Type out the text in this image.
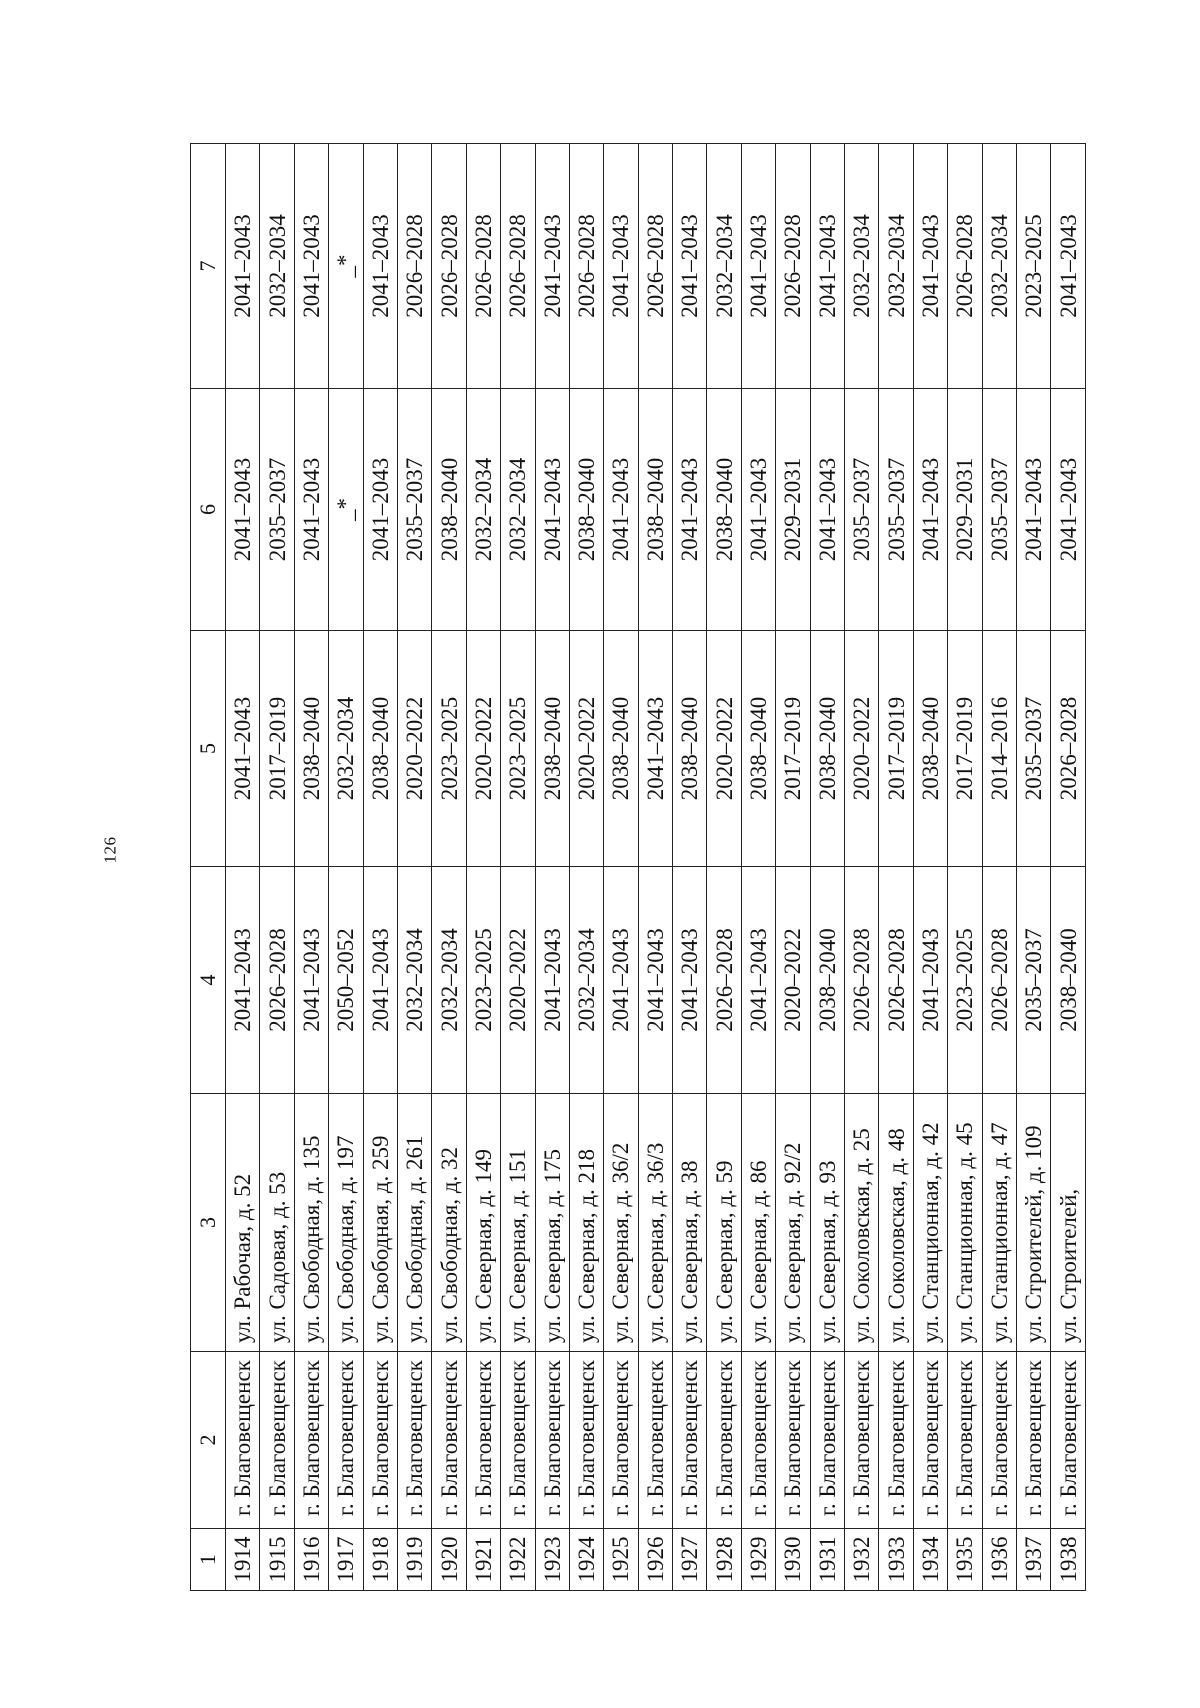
126
1	2	3	4	5	6	7
1914	г. Благовещенск	ул. Рабочая, д. 52	2041–2043	2041–2043	2041–2043	2041–2043
1915	г. Благовещенск	ул. Садовая, д. 53	2026–2028	2017–2019	2035–2037	2032–2034
1916	г. Благовещенск	ул. Свободная, д. 135	2041–2043	2038–2040	2041–2043	2041–2043
1917	г. Благовещенск	ул. Свободная, д. 197	2050–2052	2032–2034	_*	_*
1918	г. Благовещенск	ул. Свободная, д. 259	2041–2043	2038–2040	2041–2043	2041–2043
1919	г. Благовещенск	ул. Свободная, д. 261	2032–2034	2020–2022	2035–2037	2026–2028
1920	г. Благовещенск	ул. Свободная, д. 32	2032–2034	2023–2025	2038–2040	2026–2028
1921	г. Благовещенск	ул. Северная, д. 149	2023–2025	2020–2022	2032–2034	2026–2028
1922	г. Благовещенск	ул. Северная, д. 151	2020–2022	2023–2025	2032–2034	2026–2028
1923	г. Благовещенск	ул. Северная, д. 175	2041–2043	2038–2040	2041–2043	2041–2043
1924	г. Благовещенск	ул. Северная, д. 218	2032–2034	2020–2022	2038–2040	2026–2028
1925	г. Благовещенск	ул. Северная, д. 36/2	2041–2043	2038–2040	2041–2043	2041–2043
1926	г. Благовещенск	ул. Северная, д. 36/3	2041–2043	2041–2043	2038–2040	2026–2028
1927	г. Благовещенск	ул. Северная, д. 38	2041–2043	2038–2040	2041–2043	2041–2043
1928	г. Благовещенск	ул. Северная, д. 59	2026–2028	2020–2022	2038–2040	2032–2034
1929	г. Благовещенск	ул. Северная, д. 86	2041–2043	2038–2040	2041–2043	2041–2043
1930	г. Благовещенск	ул. Северная, д. 92/2	2020–2022	2017–2019	2029–2031	2026–2028
1931	г. Благовещенск	ул. Северная, д. 93	2038–2040	2038–2040	2041–2043	2041–2043
1932	г. Благовещенск	ул. Соколовская, д. 25	2026–2028	2020–2022	2035–2037	2032–2034
1933	г. Благовещенск	ул. Соколовская, д. 48	2026–2028	2017–2019	2035–2037	2032–2034
1934	г. Благовещенск	ул. Станционная, д. 42	2041–2043	2038–2040	2041–2043	2041–2043
1935	г. Благовещенск	ул. Станционная, д. 45	2023–2025	2017–2019	2029–2031	2026–2028
1936	г. Благовещенск	ул. Станционная, д. 47	2026–2028	2014–2016	2035–2037	2032–2034
1937	г. Благовещенск	ул. Строителей, д. 109	2035–2037	2035–2037	2041–2043	2023–2025
1938	г. Благовещенск	ул. Строителей,	2038–2040	2026–2028	2041–2043	2041–2043
